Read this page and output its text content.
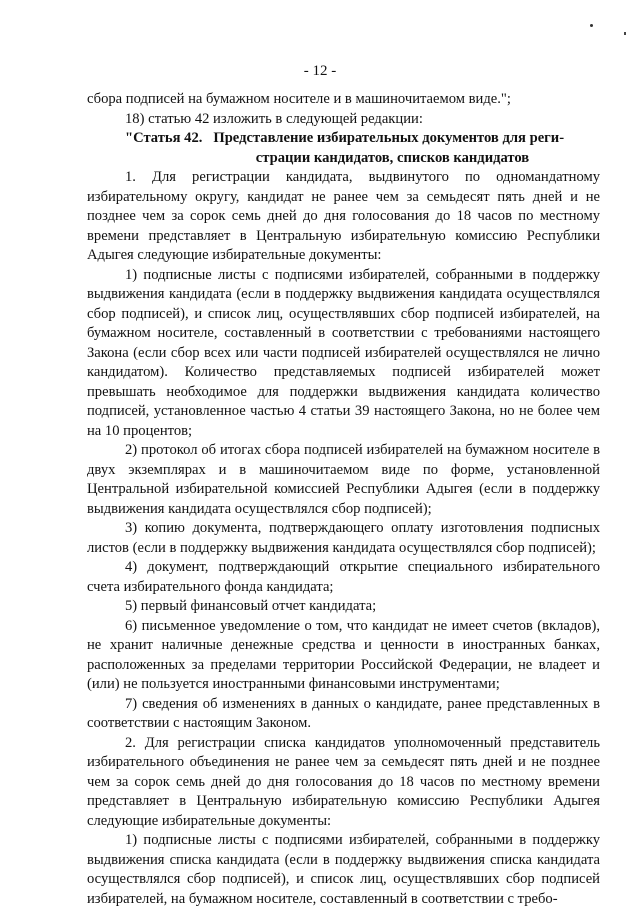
- 12 -

сбора подписей на бумажном носителе и в машиночитаемом виде.";

18) статью 42 изложить в следующей редакции:

"Статья 42. Представление избирательных документов для реги-
страции кандидатов, списков кандидатов

1. Для регистрации кандидата, выдвинутого по одномандатному избирательному округу, кандидат не ранее чем за семьдесят пять дней и не позднее чем за сорок семь дней до дня голосования до 18 часов по местному времени представляет в Центральную избирательную комиссию Республики Адыгея следующие избирательные документы:

1) подписные листы с подписями избирателей, собранными в поддержку выдвижения кандидата (если в поддержку выдвижения кандидата осуществлялся сбор подписей), и список лиц, осуществлявших сбор подписей избирателей, на бумажном носителе, составленный в соответствии с требованиями настоящего Закона (если сбор всех или части подписей избирателей осуществлялся не лично кандидатом). Количество представляемых подписей избирателей может превышать необходимое для поддержки выдвижения кандидата количество подписей, установленное частью 4 статьи 39 настоящего Закона, но не более чем на 10 процентов;

2) протокол об итогах сбора подписей избирателей на бумажном носителе в двух экземплярах и в машиночитаемом виде по форме, установленной Центральной избирательной комиссией Республики Адыгея (если в поддержку выдвижения кандидата осуществлялся сбор подписей);

3) копию документа, подтверждающего оплату изготовления подписных листов (если в поддержку выдвижения кандидата осуществлялся сбор подписей);

4) документ, подтверждающий открытие специального избирательного счета избирательного фонда кандидата;

5) первый финансовый отчет кандидата;

6) письменное уведомление о том, что кандидат не имеет счетов (вкладов), не хранит наличные денежные средства и ценности в иностранных банках, расположенных за пределами территории Российской Федерации, не владеет и (или) не пользуется иностранными финансовыми инструментами;

7) сведения об изменениях в данных о кандидате, ранее представленных в соответствии с настоящим Законом.

2. Для регистрации списка кандидатов уполномоченный представитель избирательного объединения не ранее чем за семьдесят пять дней и не позднее чем за сорок семь дней до дня голосования до 18 часов по местному времени представляет в Центральную избирательную комиссию Республики Адыгея следующие избирательные документы:

1) подписные листы с подписями избирателей, собранными в поддержку выдвижения списка кандидата (если в поддержку выдвижения списка кандидата осуществлялся сбор подписей), и список лиц, осуществлявших сбор подписей избирателей, на бумажном носителе, составленный в соответствии с требо-
